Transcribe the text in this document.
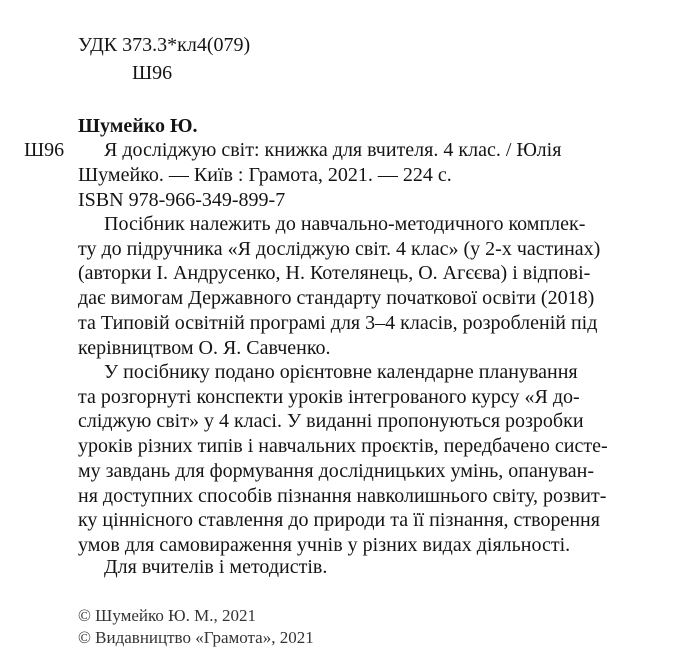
УДК 373.3*кл4(079)
Ш96
Шумейко Ю.
Ш96 Я досліджую світ: книжка для вчителя. 4 клас. / Юлія
Шумейко. — Київ : Грамота, 2021. — 224 с.
ISBN 978-966-349-899-7
Посібник належить до навчально-методичного комплек-
ту до підручника «Я досліджую світ. 4 клас» (у 2-х частинах)
(авторки І. Андрусенко, Н. Котелянець, О. Агєєва) і відпові-
дає вимогам Державного стандарту початкової освіти (2018)
та Типовій освітній програмі для 3–4 класів, розробленій під
керівництвом О. Я. Савченко.
У посібнику подано орієнтовне календарне планування
та розгорнуті конспекти уроків інтегрованого курсу «Я до-
сліджую світ» у 4 класі. У виданні пропонуються розробки
уроків різних типів і навчальних проєктів, передбачено систе-
му завдань для формування дослідницьких умінь, опануван-
ня доступних способів пізнання навколишнього світу, розвит-
ку ціннісного ставлення до природи та її пізнання, створення
умов для самовираження учнів у різних видах діяльності.
Для вчителів і методистів.
© Шумейко Ю. М., 2021
© Видавництво «Грамота», 2021
